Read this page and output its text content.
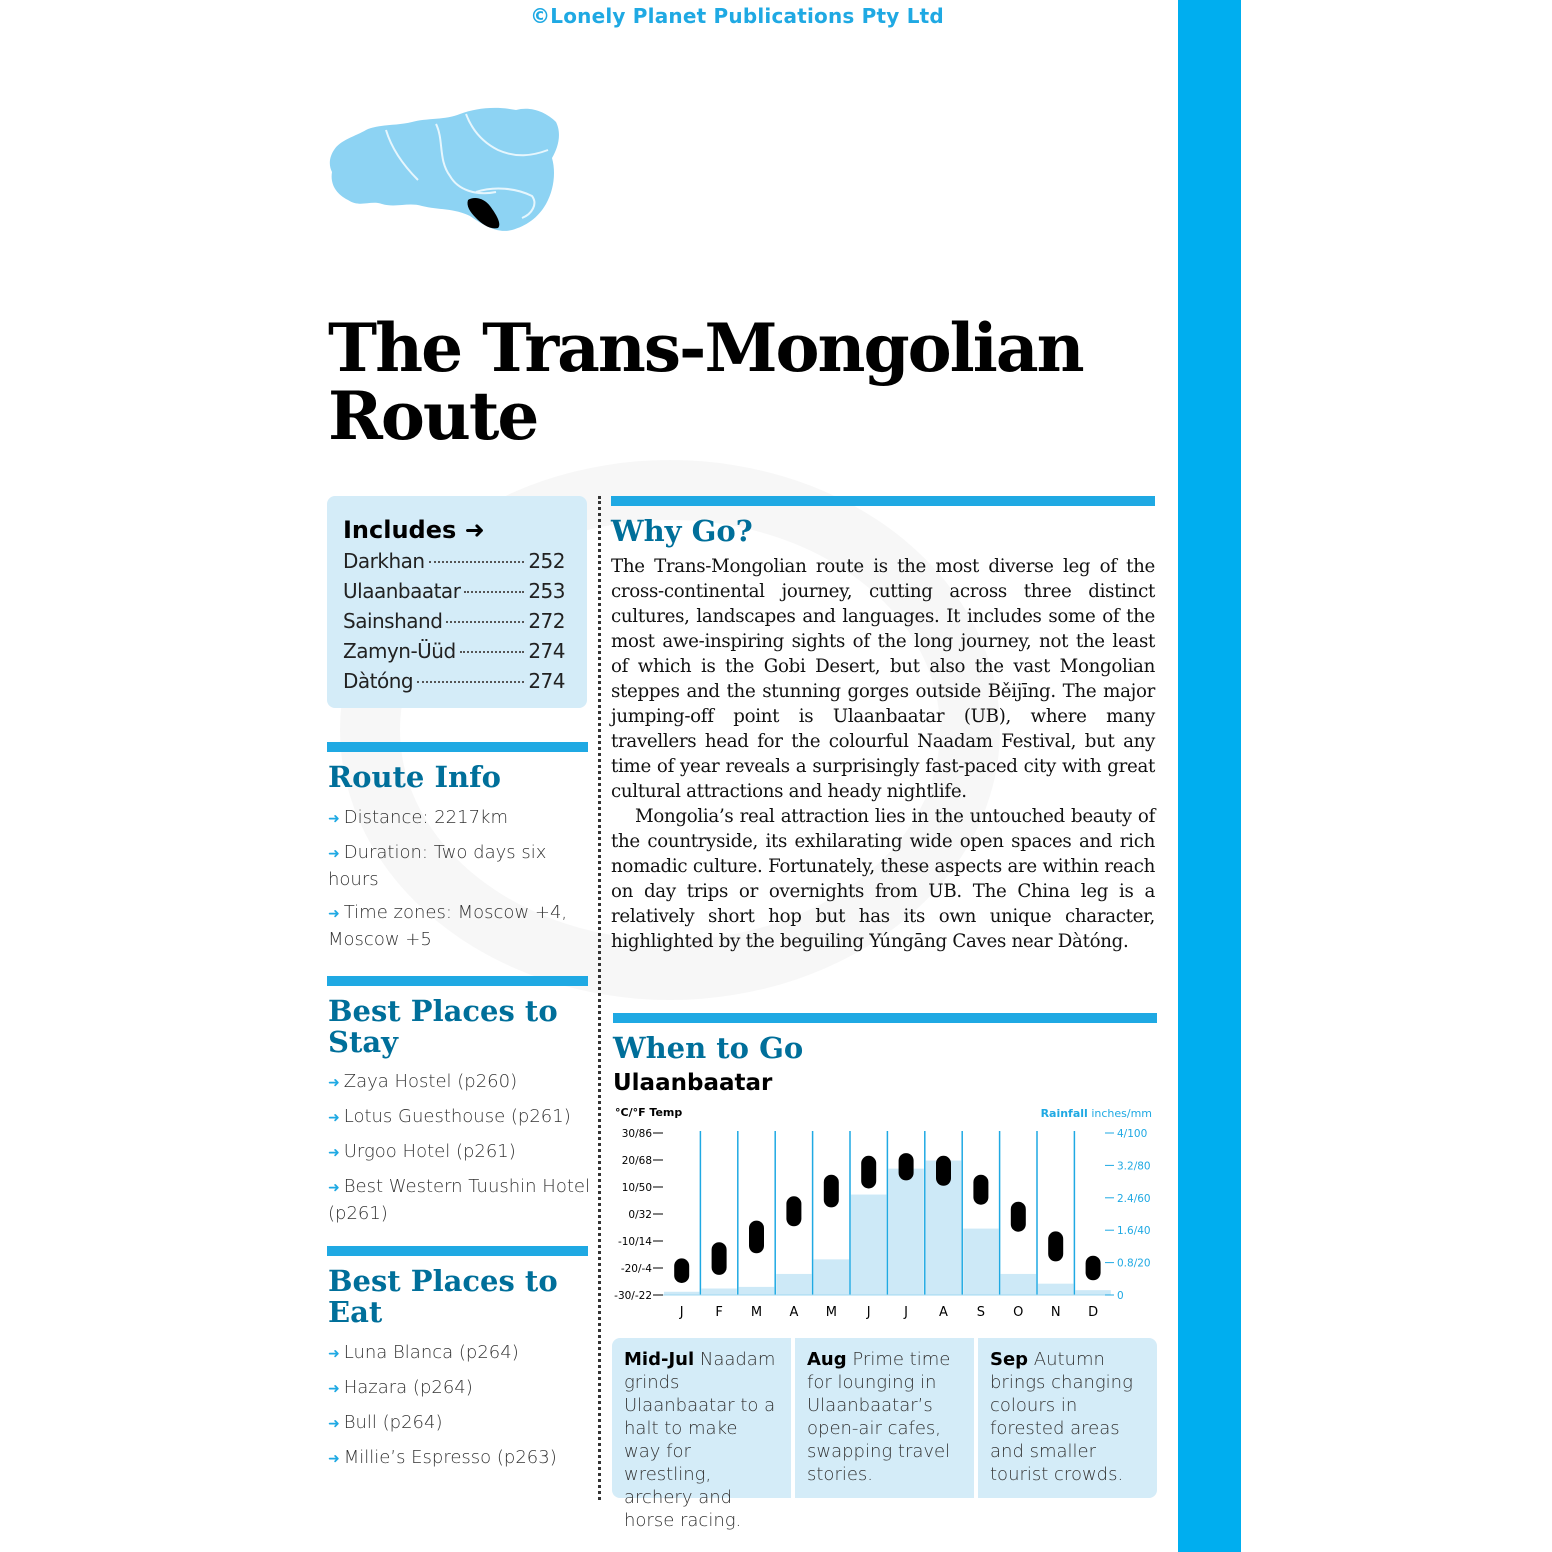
©Lonely Planet Publications Pty Ltd
The Trans-Mongolian
Route
Includes ➜
Darkhan	252
Ulaanbaatar	253
Sainshand	272
Zamyn-Üüd	274
Dàtóng	274
Route Info
➜ Distance: 2217km
➜ Duration: Two days six hours
➜ Time zones: Moscow +4, Moscow +5
Best Places to
Stay
➜ Zaya Hostel (p260)
➜ Lotus Guesthouse (p261)
➜ Urgoo Hotel (p261)
➜ Best Western Tuushin Hotel (p261)
Best Places to
Eat
➜ Luna Blanca (p264)
➜ Hazara (p264)
➜ Bull (p264)
➜ Millie’s Espresso (p263)
Why Go?

The Trans-Mongolian route is the most diverse leg of the cross-continental journey, cutting across three distinct cultures, landscapes and languages. It includes some of the most awe-inspiring sights of the long journey, not the least of which is the Gobi Desert, but also the vast Mongolian steppes and the stunning gorges outside Běijīng. The major jumping-off point is Ulaanbaatar (UB), where many travellers head for the colourful Naadam Festival, but any time of year reveals a surprisingly fast-paced city with great cultural attractions and heady nightlife.

Mongolia’s real attraction lies in the untouched beauty of the countryside, its exhilarating wide open spaces and rich nomadic culture. Fortunately, these aspects are within reach on day trips or overnights from UB. The China leg is a relatively short hop but has its own unique character, highlighted by the beguiling Yúngāng Caves near Dàtóng.

When to Go
Ulaanbaatar
°C/°F Temp	Rainfall inches/mm
30/86
20/68
10/50
0/32
-10/14
-20/-4
-30/-22
4/100
3.2/80
2.4/60
1.6/40
0.8/20
0
J F M A M J	J A S O N D
Mid-Jul Naadam grinds Ulaanbaatar to a halt to make way for wrestling, archery and horse racing.
Aug Prime time for lounging in Ulaanbaatar’s open-air cafes, swapping travel stories.
Sep Autumn brings changing colours in forested areas and smaller tourist crowds.
